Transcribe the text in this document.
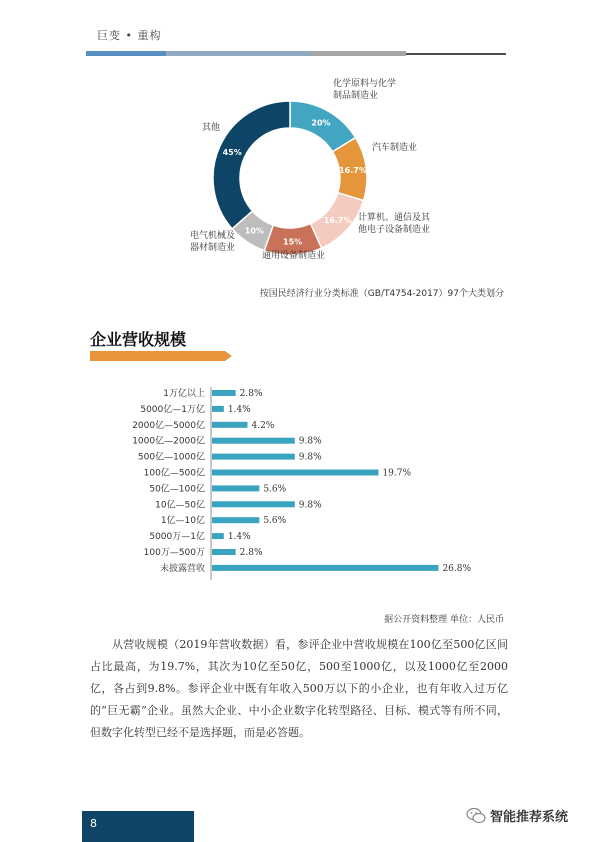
巨变 • 重构
20%
化学原料与化学
制品制造业
16.7%
汽车制造业
16.7% 计算机、通信及其
他电子设备制造业
15%
通用设备制造业
10%
电气机械及
器材制造业
45%
其他
按国民经济行业分类标准（GB/T4754-2017）97个大类划分
企业营收规模
1万亿以上	2.8%
5000亿—1万亿	1.4%
2000亿—5000亿	4.2%
1000亿—2000亿	9.8%
500亿—1000亿	9.8%
100亿—500亿	19.7%
50亿—100亿	5.6%
10亿—50亿	9.8%
1亿—10亿	5.6%
5000万—1亿	1.4%
100万—500万	2.8%
未披露营收	26.8%
据公开资料整理 单位：人民币
从营收规模（2019年营收数据）看，参评企业中营收规模在100亿至500亿区间占比最高，为19.7%，其次为10亿至50亿，500至1000亿，以及1000亿至2000亿，各占到9.8%。参评企业中既有年收入500万以下的小企业，也有年收入过万亿的“巨无霸”企业。虽然大企业、中小企业数字化转型路径、目标、模式等有所不同，但数字化转型已经不是选择题，而是必答题。
8	智能推荐系统
